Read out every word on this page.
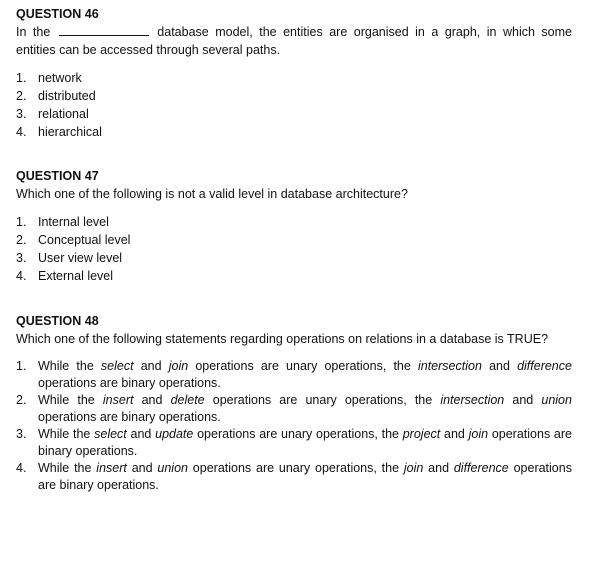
QUESTION 46

In the	database model, the entities are organised in a graph, in which some entities can be accessed through several paths.

1. network
2. distributed
3. relational
4. hierarchical

QUESTION 47

Which one of the following is not a valid level in database architecture?

1. Internal level
2. Conceptual level
3. User view level
4. External level

QUESTION 48

Which one of the following statements regarding operations on relations in a database is TRUE?

1. While the select and join operations are unary operations, the intersection and difference operations are binary operations.
2. While the insert and delete operations are unary operations, the intersection and union operations are binary operations.
3. While the select and update operations are unary operations, the project and join operations are binary operations.
4. While the insert and union operations are unary operations, the join and difference operations are binary operations.
